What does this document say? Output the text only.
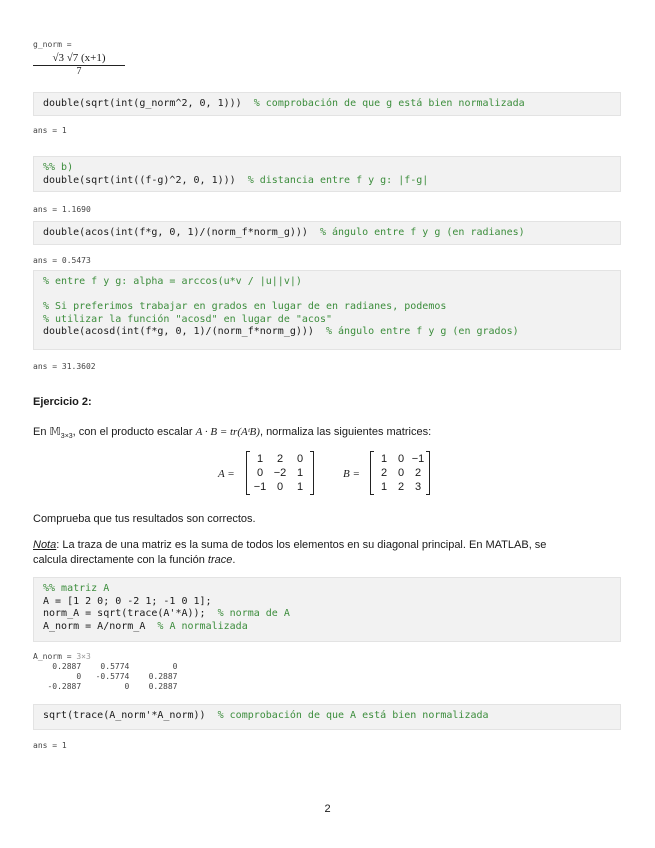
g_norm =
$\frac{√3 √7 (x+1)}{7}$
double(sqrt(int(g_norm^2, 0, 1))) % comprobación de que g está bien normalizada
ans = 1
%% b)
double(sqrt(int((f-g)^2, 0, 1))) % distancia entre f y g: |f-g|
ans = 1.1690
double(acos(int(f*g, 0, 1)/(norm_f*norm_g))) % ángulo entre f y g (en radianes)
ans = 0.5473
% entre f y g: alpha = arccos(u*v / |u||v|)

% Si preferimos trabajar en grados en lugar de en radianes, podemos
% utilizar la función "acosd" en lugar de "acos"
double(acosd(int(f*g, 0, 1)/(norm_f*norm_g))) % ángulo entre f y g (en grados)
ans = 31.3602
Ejercicio 2:
En 𝕄$_{3\times 3}$, con el producto escalar A · B = tr(AᵗB), normaliza las siguientes matrices:
A =
1	2	0
0 −2 1
−1 0	1
B =
1 0 −1
2 0 2
1 2 3
Comprueba que tus resultados son correctos.
Nota: La traza de una matriz es la suma de todos los elementos en su diagonal principal. En MATLAB, se
calcula directamente con la función trace.
%% matriz A
A = [1 2 0; 0 -2 1; -1 0 1];
norm_A = sqrt(trace(A'*A)); % norma de A
A_norm = A/norm_A % A normalizada
A_norm = 3×3
0.2887    0.5774         0
0   -0.5774    0.2887
-0.2887         0    0.2887
sqrt(trace(A_norm'*A_norm)) % comprobación de que A está bien normalizada
ans = 1
2
